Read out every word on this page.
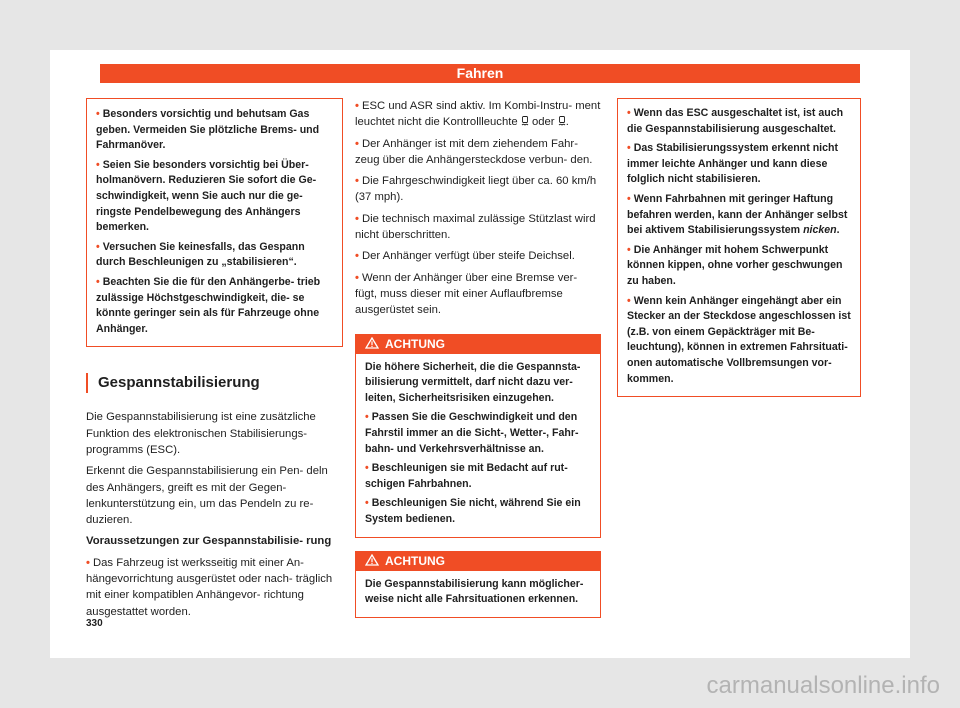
Fahren

• Besonders vorsichtig und behutsam Gas geben. Vermeiden Sie plötzliche Brems- und Fahrmanöver.

• Seien Sie besonders vorsichtig bei Über- holmanövern. Reduzieren Sie sofort die Ge- schwindigkeit, wenn Sie auch nur die ge- ringste Pendelbewegung des Anhängers bemerken.

• Versuchen Sie keinesfalls, das Gespann durch Beschleunigen zu „stabilisieren“.

• Beachten Sie die für den Anhängerbe- trieb zulässige Höchstgeschwindigkeit, die- se könnte geringer sein als für Fahrzeuge ohne Anhänger.

Gespannstabilisierung

Die Gespannstabilisierung ist eine zusätzliche Funktion des elektronischen Stabilisierungs- programms (ESC).

Erkennt die Gespannstabilisierung ein Pen- deln des Anhängers, greift es mit der Gegen- lenkunterstützung ein, um das Pendeln zu re- duzieren.

Voraussetzungen zur Gespannstabilisie- rung

• Das Fahrzeug ist werksseitig mit einer An- hängevorrichtung ausgerüstet oder nach- träglich mit einer kompatiblen Anhängevor- richtung ausgestattet worden.

• ESC und ASR sind aktiv. Im Kombi-Instru- ment leuchtet nicht die Kontrollleuchte oder .

• Der Anhänger ist mit dem ziehendem Fahr- zeug über die Anhängersteckdose verbun- den.

• Die Fahrgeschwindigkeit liegt über ca. 60 km/h (37 mph).

• Die technisch maximal zulässige Stützlast wird nicht überschritten.

• Der Anhänger verfügt über steife Deichsel.

• Wenn der Anhänger über eine Bremse ver- fügt, muss dieser mit einer Auflaufbremse ausgerüstet sein.

ACHTUNG

Die höhere Sicherheit, die die Gespannsta- bilisierung vermittelt, darf nicht dazu ver- leiten, Sicherheitsrisiken einzugehen.

• Passen Sie die Geschwindigkeit und den Fahrstil immer an die Sicht-, Wetter-, Fahr- bahn- und Verkehrsverhältnisse an.

• Beschleunigen sie mit Bedacht auf rut- schigen Fahrbahnen.

• Beschleunigen Sie nicht, während Sie ein System bedienen.

ACHTUNG

Die Gespannstabilisierung kann möglicher- weise nicht alle Fahrsituationen erkennen.

• Wenn das ESC ausgeschaltet ist, ist auch die Gespannstabilisierung ausgeschaltet.

• Das Stabilisierungssystem erkennt nicht immer leichte Anhänger und kann diese folglich nicht stabilisieren.

• Wenn Fahrbahnen mit geringer Haftung befahren werden, kann der Anhänger selbst bei aktivem Stabilisierungssystem nicken.

• Die Anhänger mit hohem Schwerpunkt können kippen, ohne vorher geschwungen zu haben.

• Wenn kein Anhänger eingehängt aber ein Stecker an der Steckdose angeschlossen ist (z.B. von einem Gepäckträger mit Be- leuchtung), können in extremen Fahrsituati- onen automatische Vollbremsungen vor- kommen.

330
carmanualsonline.info
